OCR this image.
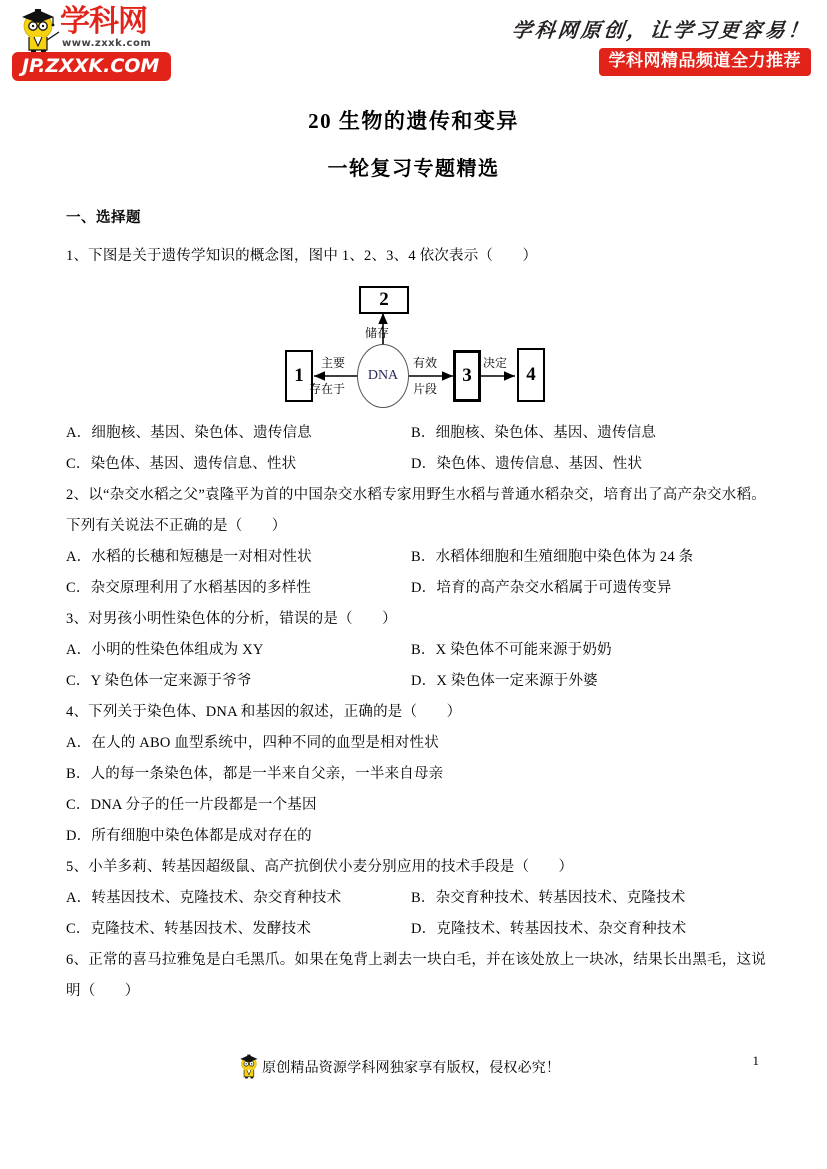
学科网
www.zxxk.com
JP.ZXXK.COM
学科网原创，让学习更容易！
学科网精品频道全力推荐
20 生物的遗传和变异
一轮复习专题精选
一、选择题
1、下图是关于遗传学知识的概念图，图中 1、2、3、4 依次表示（　　）
2
DNA
1	3	4
储存
主要
存在于
有效
片段
决定
A．细胞核、基因、染色体、遗传信息	B．细胞核、染色体、基因、遗传信息
C．染色体、基因、遗传信息、性状	D．染色体、遗传信息、基因、性状
2、以“杂交水稻之父”袁隆平为首的中国杂交水稻专家用野生水稻与普通水稻杂交，培育出了高产杂交水稻。下列有关说法不正确的是（　　）
A．水稻的长穗和短穗是一对相对性状	B．水稻体细胞和生殖细胞中染色体为 24 条
C．杂交原理利用了水稻基因的多样性	D．培育的高产杂交水稻属于可遗传变异
3、对男孩小明性染色体的分析，错误的是（　　）
A．小明的性染色体组成为 XY	B．X 染色体不可能来源于奶奶
C．Y 染色体一定来源于爷爷	D．X 染色体一定来源于外婆
4、下列关于染色体、DNA 和基因的叙述，正确的是（　　）
A．在人的 ABO 血型系统中，四种不同的血型是相对性状
B．人的每一条染色体，都是一半来自父亲，一半来自母亲
C．DNA 分子的任一片段都是一个基因
D．所有细胞中染色体都是成对存在的
5、小羊多莉、转基因超级鼠、高产抗倒伏小麦分别应用的技术手段是（　　）
A．转基因技术、克隆技术、杂交育种技术	B．杂交育种技术、转基因技术、克隆技术
C．克隆技术、转基因技术、发酵技术	D．克隆技术、转基因技术、杂交育种技术
6、正常的喜马拉雅兔是白毛黑爪。如果在兔背上剥去一块白毛，并在该处放上一块冰，结果长出黑毛，这说明（　　）
原创精品资源学科网独家享有版权，侵权必究！
1
